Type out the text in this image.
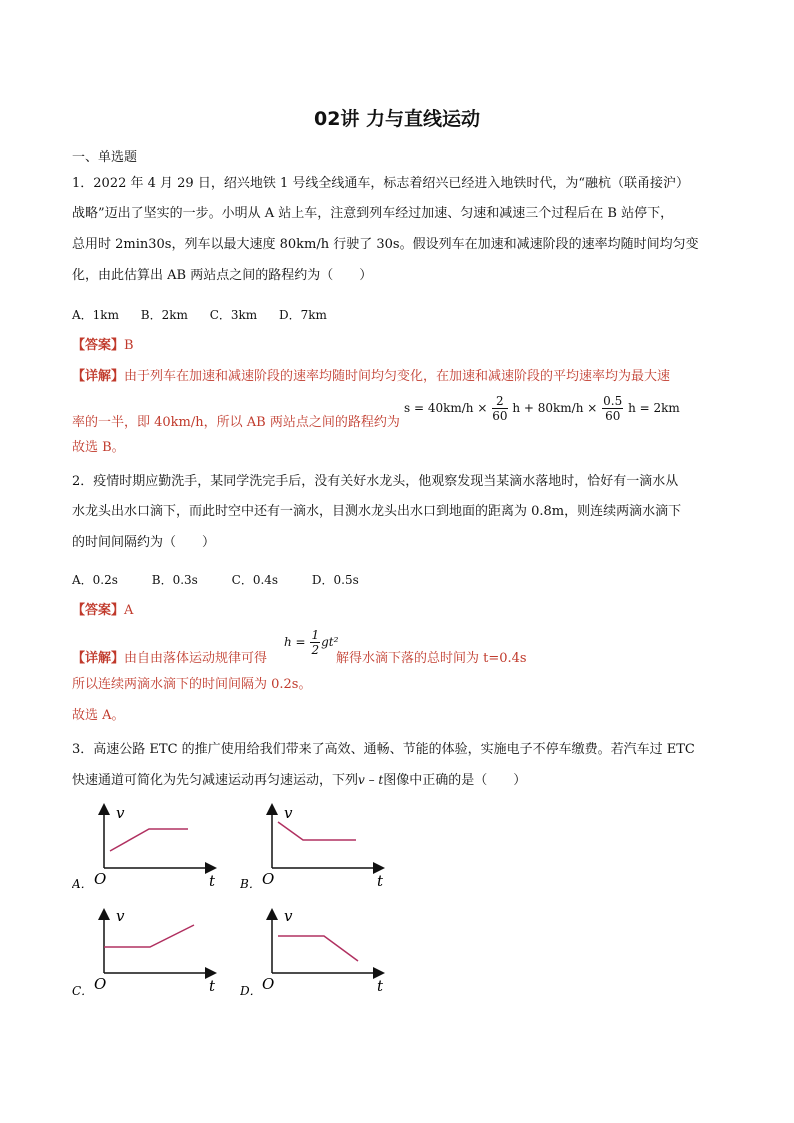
02讲 力与直线运动
一、单选题
1．2022 年 4 月 29 日，绍兴地铁 1 号线全线通车，标志着绍兴已经进入地铁时代，为“融杭（联甬接沪）
战略”迈出了坚实的一步。小明从 A 站上车，注意到列车经过加速、匀速和减速三个过程后在 B 站停下，
总用时 2min30s，列车以最大速度 80km/h 行驶了 30s。假设列车在加速和减速阶段的速率均随时间均匀变
化，由此估算出 AB 两站点之间的路程约为（　　）
A．1km B．2km C．3km D．7km
【答案】B
【详解】由于列车在加速和减速阶段的速率均随时间均匀变化，在加速和减速阶段的平均速率均为最大速
率的一半，即 40km/h，所以 AB 两站点之间的路程约为
$s = 40km/h \times \frac{2}{60}$ $h + 80km/h \times \frac{0.5}{60}$ h = 2km
故选 B。
2．疫情时期应勤洗手，某同学洗完手后，没有关好水龙头，他观察发现当某滴水落地时，恰好有一滴水从
水龙头出水口滴下，而此时空中还有一滴水，目测水龙头出水口到地面的距离为 0.8m，则连续两滴水滴下
的时间间隔约为（　　）
A．0.2s	B．0.3s	C．0.4s	D．0.5s
【答案】A
【详解】由自由落体运动规律可得
$h = \frac{1}{2} gt^2$
解得水滴下落的总时间为 t=0.4s
所以连续两滴水滴下的时间间隔为 0.2s。
故选 A。
3．高速公路 ETC 的推广使用给我们带来了高效、通畅、节能的体验，实施电子不停车缴费。若汽车过 ETC
快速通道可简化为先匀减速运动再匀速运动，下列v – t图像中正确的是（　　）
v
t
O
A．
v
t
O
B．
v
t
O
C．
v
t
O
D．
